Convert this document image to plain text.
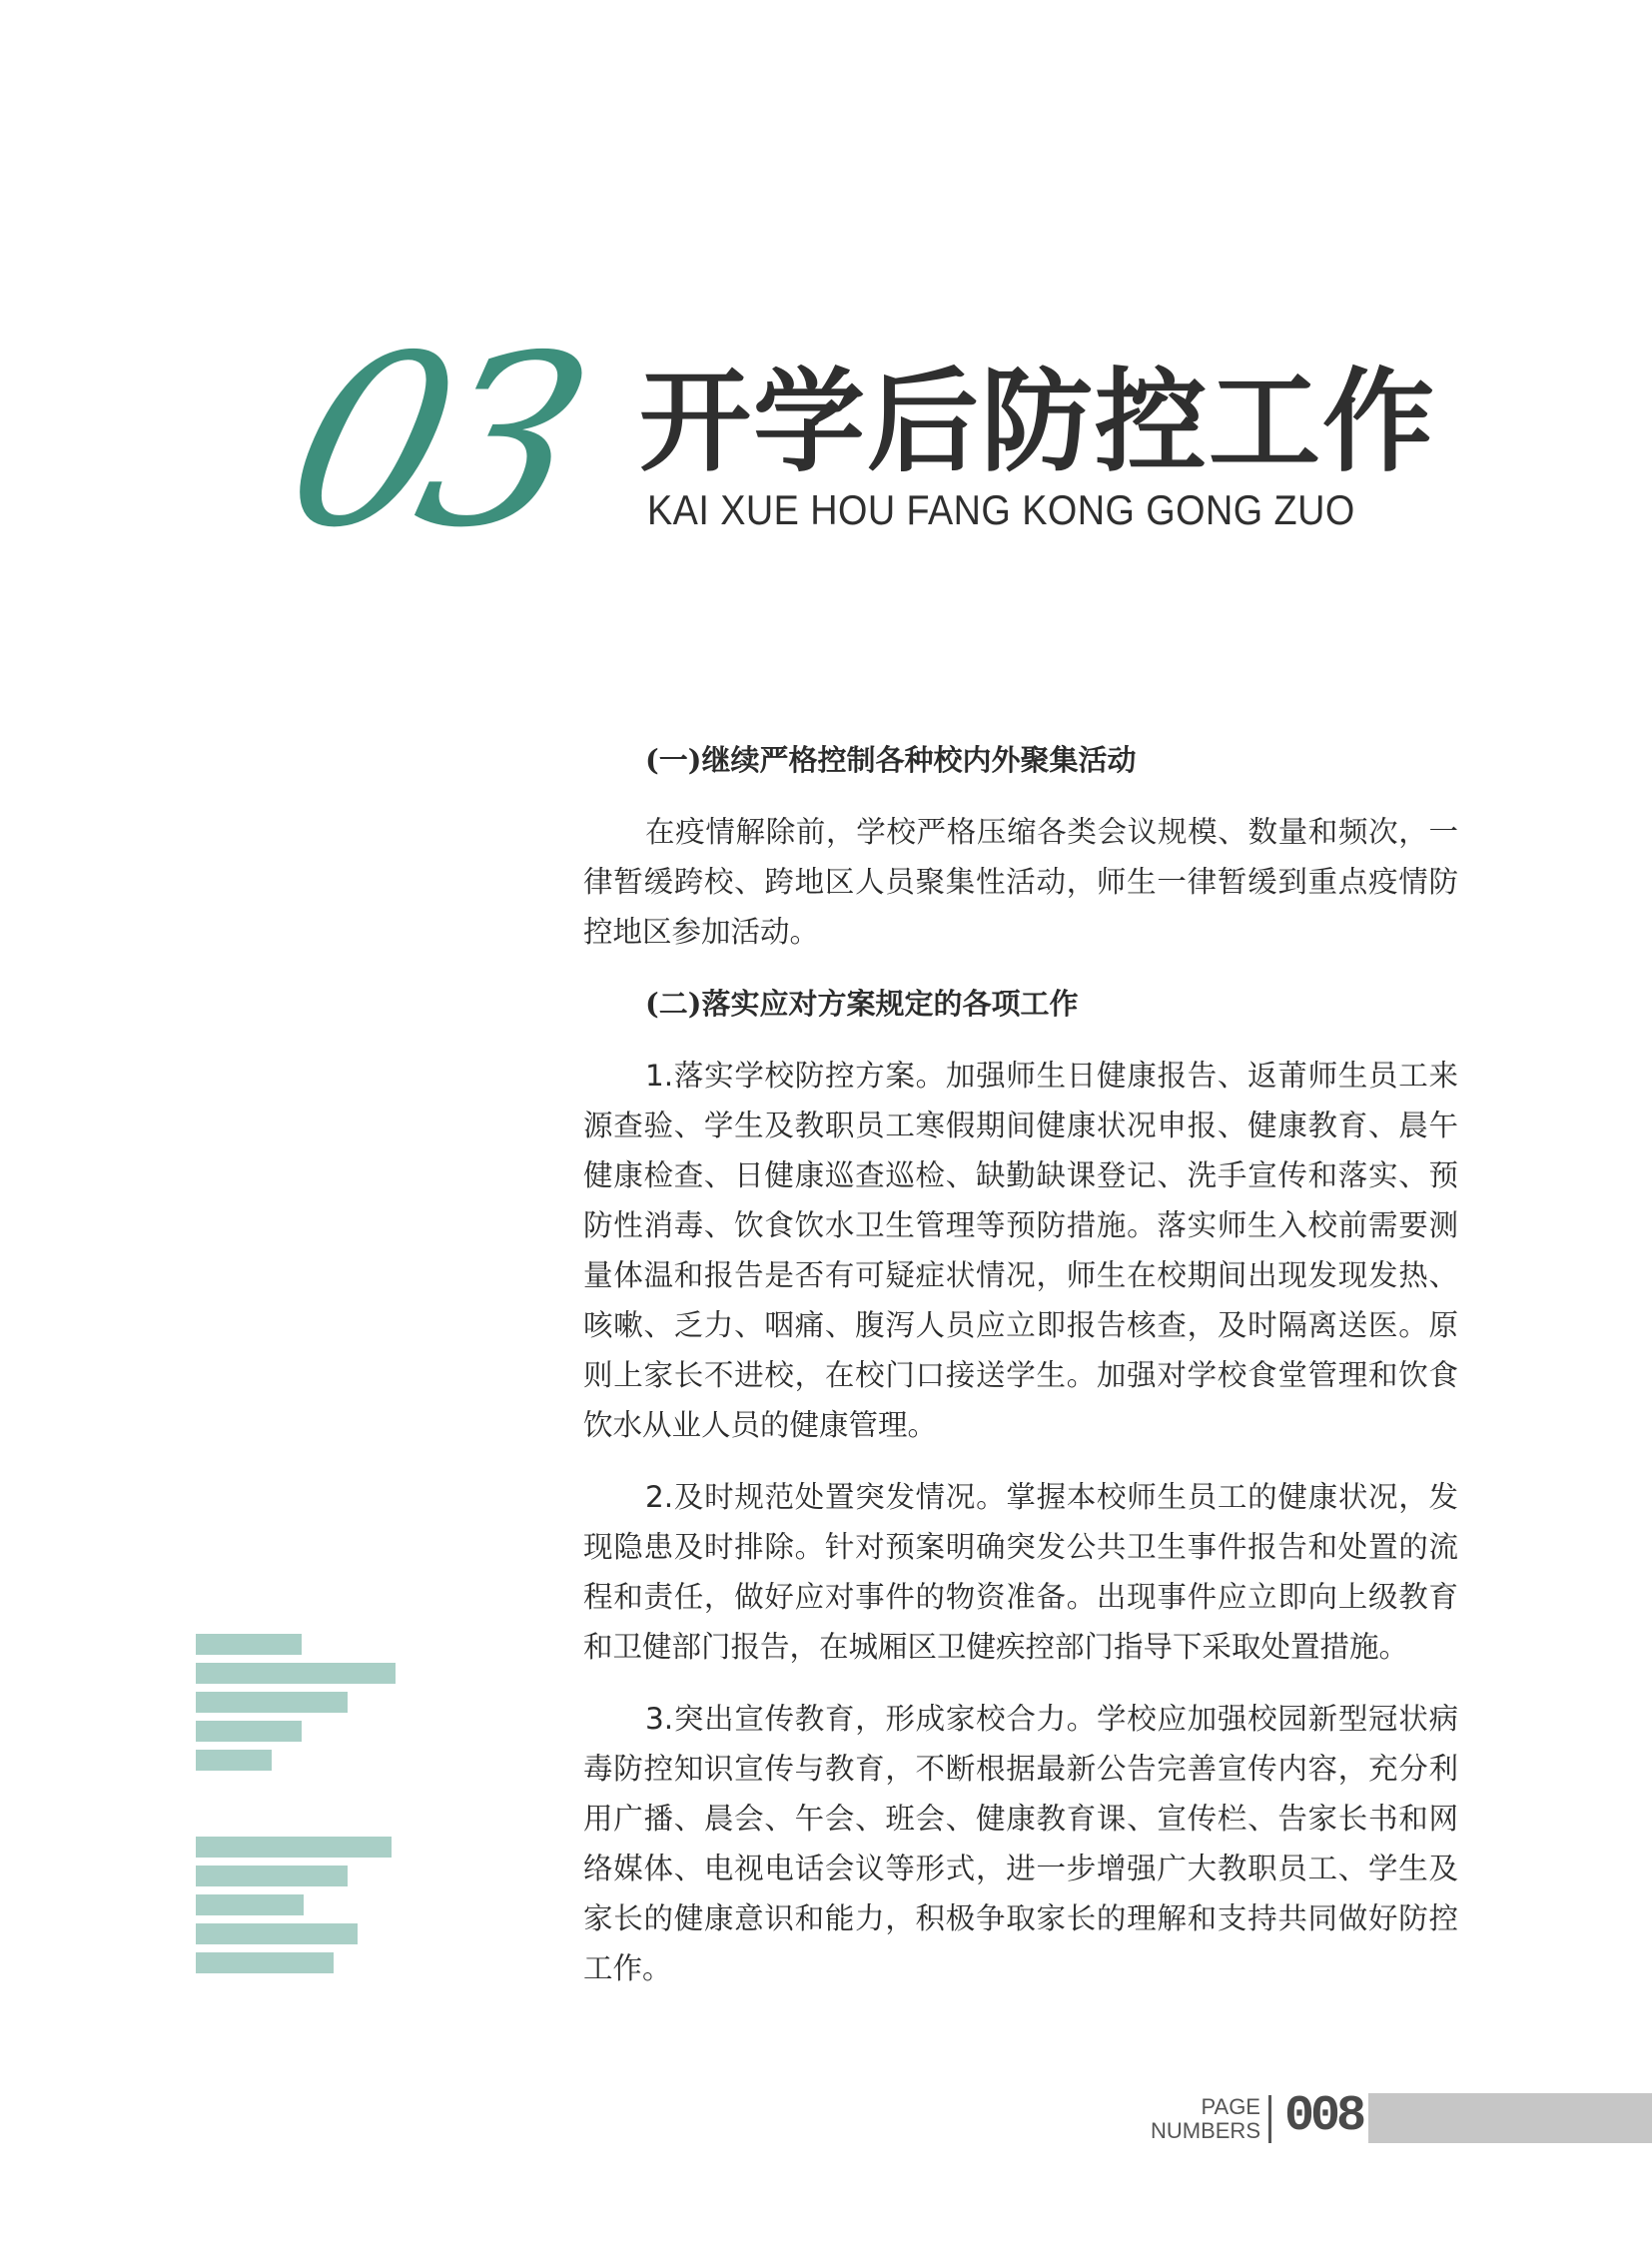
03 开学后防控工作
KAI XUE HOU FANG KONG GONG ZUO
(一)继续严格控制各种校内外聚集活动

在疫情解除前，学校严格压缩各类会议规模、数量和频次，一律暂缓跨校、跨地区人员聚集性活动，师生一律暂缓到重点疫情防控地区参加活动。

(二)落实应对方案规定的各项工作

1.落实学校防控方案。加强师生日健康报告、返莆师生员工来源查验、学生及教职员工寒假期间健康状况申报、健康教育、晨午健康检查、日健康巡查巡检、缺勤缺课登记、洗手宣传和落实、预防性消毒、饮食饮水卫生管理等预防措施。落实师生入校前需要测量体温和报告是否有可疑症状情况，师生在校期间出现发现发热、咳嗽、乏力、咽痛、腹泻人员应立即报告核查，及时隔离送医。原则上家长不进校，在校门口接送学生。加强对学校食堂管理和饮食饮水从业人员的健康管理。

2.及时规范处置突发情况。掌握本校师生员工的健康状况，发现隐患及时排除。针对预案明确突发公共卫生事件报告和处置的流程和责任，做好应对事件的物资准备。出现事件应立即向上级教育和卫健部门报告，在城厢区卫健疾控部门指导下采取处置措施。

3.突出宣传教育，形成家校合力。学校应加强校园新型冠状病毒防控知识宣传与教育，不断根据最新公告完善宣传内容，充分利用广播、晨会、午会、班会、健康教育课、宣传栏、告家长书和网络媒体、电视电话会议等形式，进一步增强广大教职员工、学生及家长的健康意识和能力，积极争取家长的理解和支持共同做好防控工作。

PAGE
NUMBERS 008
